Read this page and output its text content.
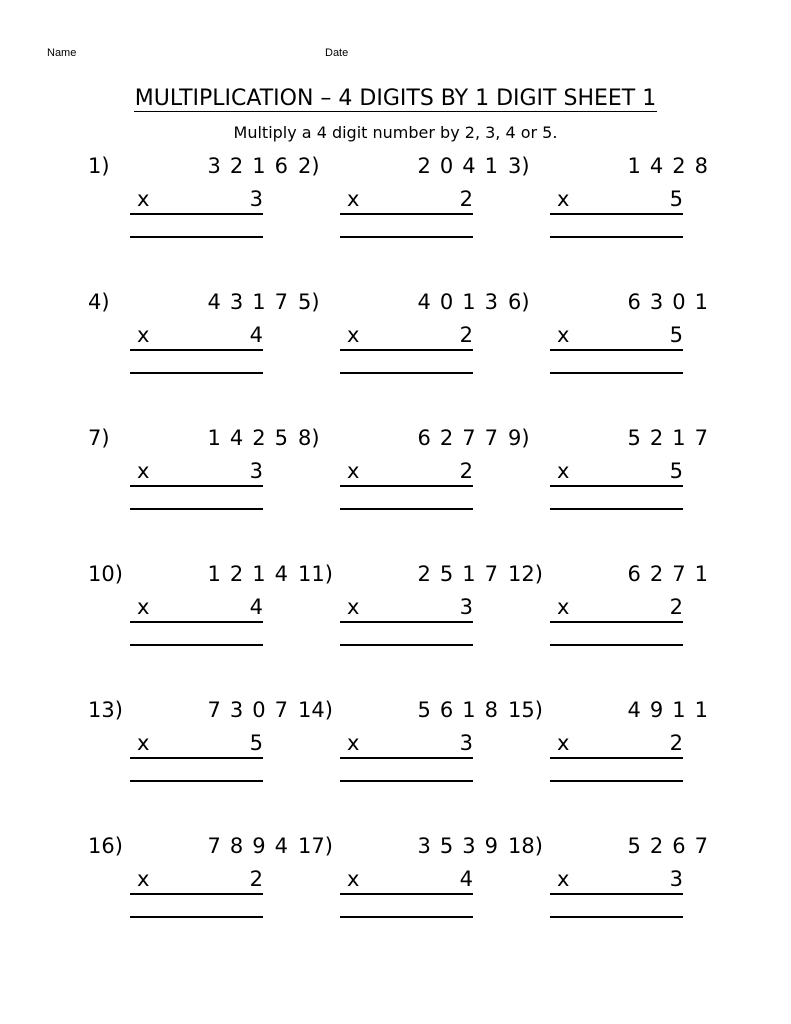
Name	Date
MULTIPLICATION – 4 DIGITS BY 1 DIGIT SHEET 1
Multiply a 4 digit number by 2, 3, 4 or 5.
1)	3216
x	3
2)	2041
x	2
3)	1428
x	5
4)	4317
x	4
5)	4013
x	2
6)	6301
x	5
7)	1425
x	3
8)	6277
x	2
9)	5217
x	5
10)	1214
x	4
11)	2517
x	3
12)	6271
x	2
13)	7307
x	5
14)	5618
x	3
15)	4911
x	2
16)	7894
x	2
17)	3539
x	4
18)	5267
x	3
